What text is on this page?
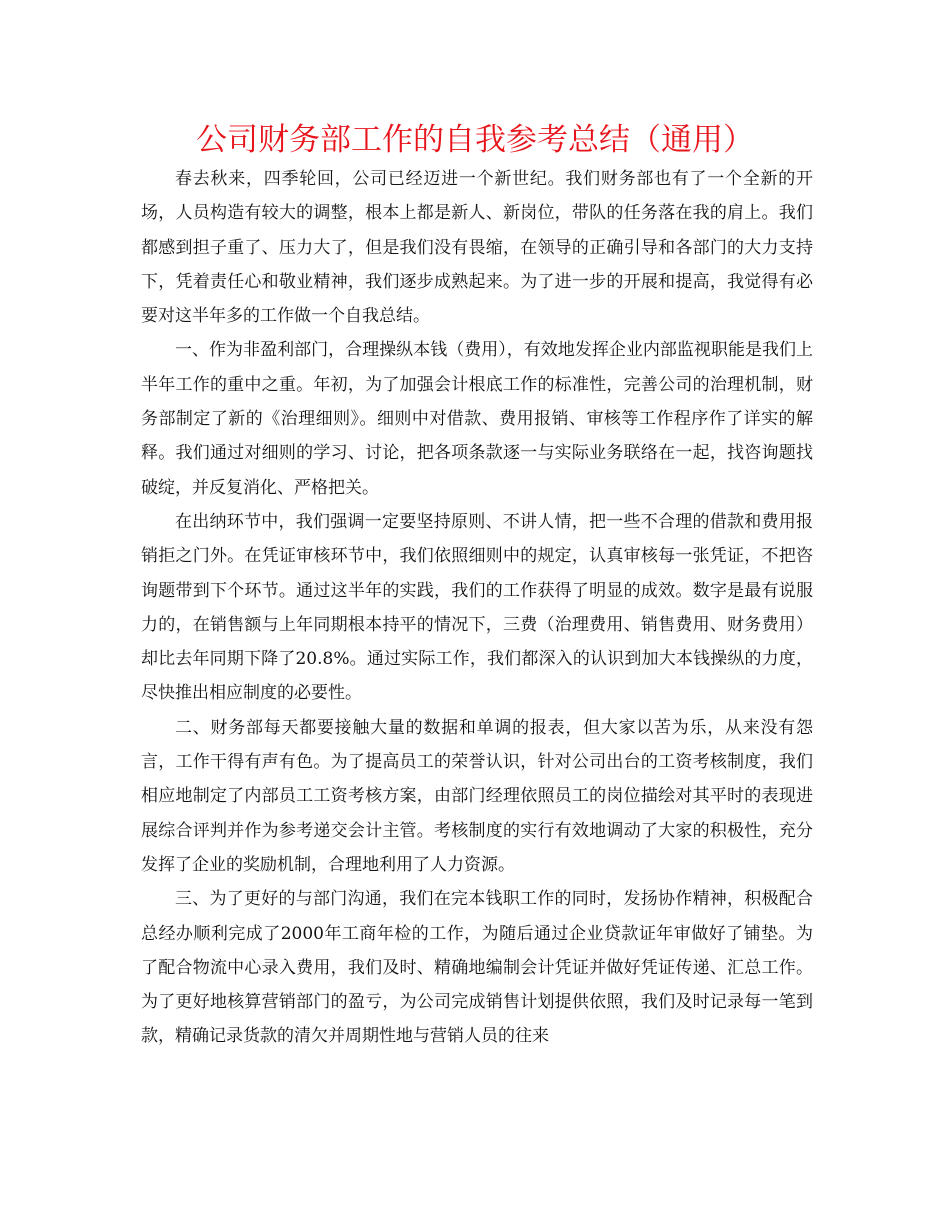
公司财务部工作的自我参考总结（通用）

春去秋来，四季轮回，公司已经迈进一个新世纪。我们财务部也有了一个全新的开场，人员构造有较大的调整，根本上都是新人、新岗位，带队的任务落在我的肩上。我们都感到担子重了、压力大了，但是我们没有畏缩，在领导的正确引导和各部门的大力支持下，凭着责任心和敬业精神，我们逐步成熟起来。为了进一步的开展和提高，我觉得有必要对这半年多的工作做一个自我总结。

一、作为非盈利部门，合理操纵本钱（费用），有效地发挥企业内部监视职能是我们上半年工作的重中之重。年初，为了加强会计根底工作的标准性，完善公司的治理机制，财务部制定了新的《治理细则》。细则中对借款、费用报销、审核等工作程序作了详实的解释。我们通过对细则的学习、讨论，把各项条款逐一与实际业务联络在一起，找咨询题找破绽，并反复消化、严格把关。

在出纳环节中，我们强调一定要坚持原则、不讲人情，把一些不合理的借款和费用报销拒之门外。在凭证审核环节中，我们依照细则中的规定，认真审核每一张凭证，不把咨询题带到下个环节。通过这半年的实践，我们的工作获得了明显的成效。数字是最有说服力的，在销售额与上年同期根本持平的情况下，三费（治理费用、销售费用、财务费用）却比去年同期下降了20.8%。通过实际工作，我们都深入的认识到加大本钱操纵的力度，尽快推出相应制度的必要性。

二、财务部每天都要接触大量的数据和单调的报表，但大家以苦为乐，从来没有怨言，工作干得有声有色。为了提高员工的荣誉认识，针对公司出台的工资考核制度，我们相应地制定了内部员工工资考核方案，由部门经理依照员工的岗位描绘对其平时的表现进展综合评判并作为参考递交会计主管。考核制度的实行有效地调动了大家的积极性，充分发挥了企业的奖励机制，合理地利用了人力资源。

三、为了更好的与部门沟通，我们在完本钱职工作的同时，发扬协作精神，积极配合总经办顺利完成了2000年工商年检的工作，为随后通过企业贷款证年审做好了铺垫。为了配合物流中心录入费用，我们及时、精确地编制会计凭证并做好凭证传递、汇总工作。为了更好地核算营销部门的盈亏，为公司完成销售计划提供依照，我们及时记录每一笔到款，精确记录货款的清欠并周期性地与营销人员的往来
